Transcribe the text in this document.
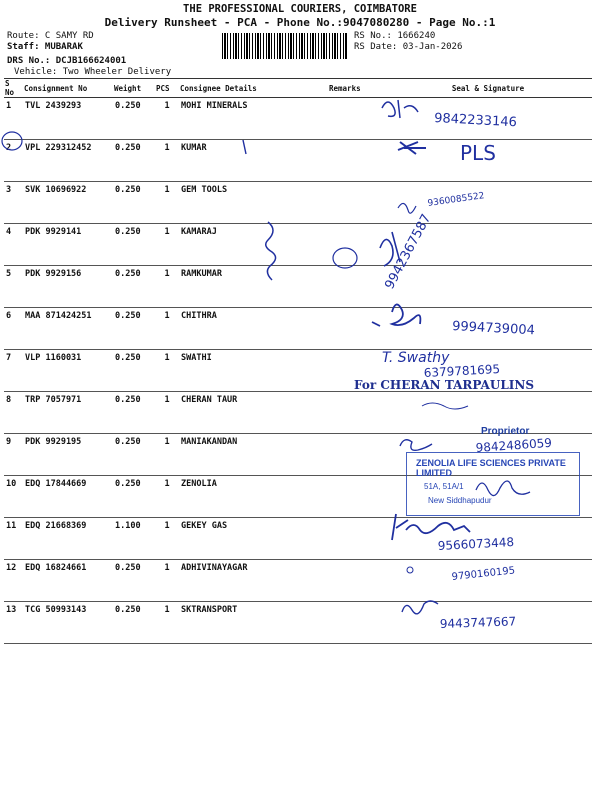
THE PROFESSIONAL COURIERS, COIMBATORE
Delivery Runsheet - PCA - Phone No.:9047080280 - Page No.:1
Route: C SAMY RD
Staff: MUBARAK
DRS No.: DCJB166624001
Vehicle: Two Wheeler Delivery
RS No.: 1666240
RS Date: 03-Jan-2026
S No	Consignment No	Weight	PCS	Consignee Details	Remarks	Seal & Signature
1	TVL 2439293	0.250	1	MOHI MINERALS		
2	VPL 229312452	0.250	1	KUMAR		
3	SVK 10696922	0.250	1	GEM TOOLS		
4	PDK 9929141	0.250	1	KAMARAJ		
5	PDK 9929156	0.250	1	RAMKUMAR		
6	MAA 871424251	0.250	1	CHITHRA		
7	VLP 1160031	0.250	1	SWATHI		
8	TRP 7057971	0.250	1	CHERAN TAUR		
9	PDK 9929195	0.250	1	MANIAKANDAN		
10	EDQ 17844669	0.250	1	ZENOLIA		
11	EDQ 21668369	1.100	1	GEKEY GAS		
12	EDQ 16824661	0.250	1	ADHIVINAYAGAR		
13	TCG 50993143	0.250	1	SKTRANSPORT		
9842233146
PLS
9360085522
9942367587
9994739004
T. Swathy
6379781695
9842486059
9566073448
9790160195
9443747667
For CHERAN TARPAULINS
Proprietor
ZENOLIA LIFE SCIENCES PRIVATE LIMITED
51A, 51A/1
New Siddhapudur
